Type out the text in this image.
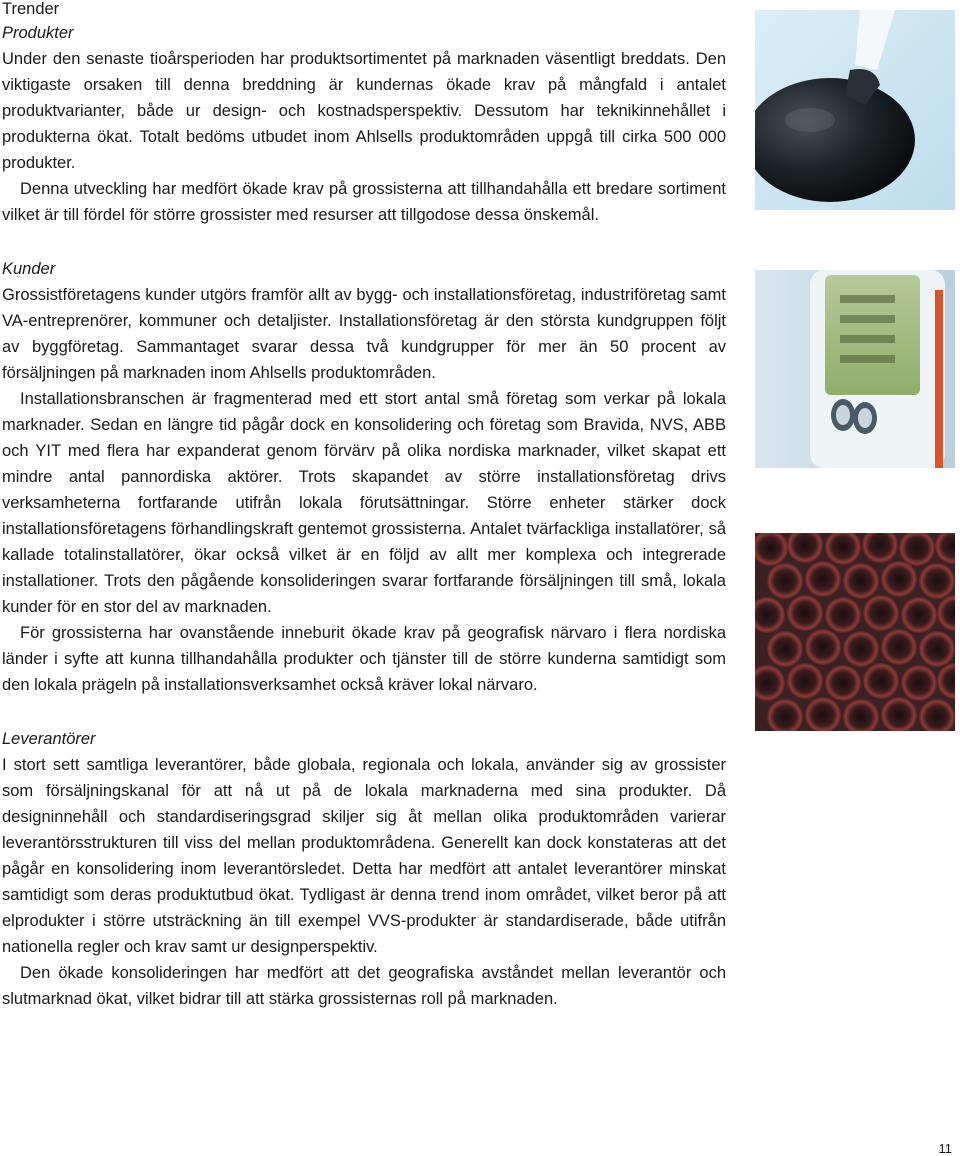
Trender
Produkter

Under den senaste tioårsperioden har produktsortimentet på marknaden väsentligt breddats. Den viktigaste orsaken till denna breddning är kundernas ökade krav på mångfald i antalet produktvarianter, både ur design- och kostnadsperspektiv. Dessutom har teknikinnehållet i produkterna ökat. Totalt bedöms utbudet inom Ahlsells produktområden uppgå till cirka 500 000 produkter.

Denna utveckling har medfört ökade krav på grossisterna att tillhandahålla ett bredare sortiment vilket är till fördel för större grossister med resurser att tillgodose dessa önskemål.

Kunder

Grossistföretagens kunder utgörs framför allt av bygg- och installationsföretag, industriföretag samt VA-entreprenörer, kommuner och detaljister. Installationsföretag är den största kundgruppen följt av byggföretag. Sammantaget svarar dessa två kundgrupper för mer än 50 procent av försäljningen på marknaden inom Ahlsells produktområden.

Installationsbranschen är fragmenterad med ett stort antal små företag som verkar på lokala marknader. Sedan en längre tid pågår dock en konsolidering och företag som Bravida, NVS, ABB och YIT med flera har expanderat genom förvärv på olika nordiska marknader, vilket skapat ett mindre antal pannordiska aktörer. Trots skapandet av större installationsföretag drivs verksamheterna fortfarande utifrån lokala förutsättningar. Större enheter stärker dock installationsföretagens förhandlingskraft gentemot grossisterna. Antalet tvärfackliga installatörer, så kallade totalinstallatörer, ökar också vilket är en följd av allt mer komplexa och integrerade installationer. Trots den pågående konsolideringen svarar fortfarande försäljningen till små, lokala kunder för en stor del av marknaden.

För grossisterna har ovanstående inneburit ökade krav på geografisk närvaro i flera nordiska länder i syfte att kunna tillhandahålla produkter och tjänster till de större kunderna samtidigt som den lokala prägeln på installationsverksamhet också kräver lokal närvaro.

Leverantörer

I stort sett samtliga leverantörer, både globala, regionala och lokala, använder sig av grossister som försäljningskanal för att nå ut på de lokala marknaderna med sina produkter. Då designinnehåll och standardiseringsgrad skiljer sig åt mellan olika produktområden varierar leverantörsstrukturen till viss del mellan produktområdena. Generellt kan dock konstateras att det pågår en konsolidering inom leverantörsledet. Detta har medfört att antalet leverantörer minskat samtidigt som deras produktutbud ökat. Tydligast är denna trend inom området, vilket beror på att elprodukter i större utsträckning än till exempel VVS-produkter är standardiserade, både utifrån nationella regler och krav samt ur designperspektiv.

Den ökade konsolideringen har medfört att det geografiska avståndet mellan leverantör och slutmarknad ökat, vilket bidrar till att stärka grossisternas roll på marknaden.

11
